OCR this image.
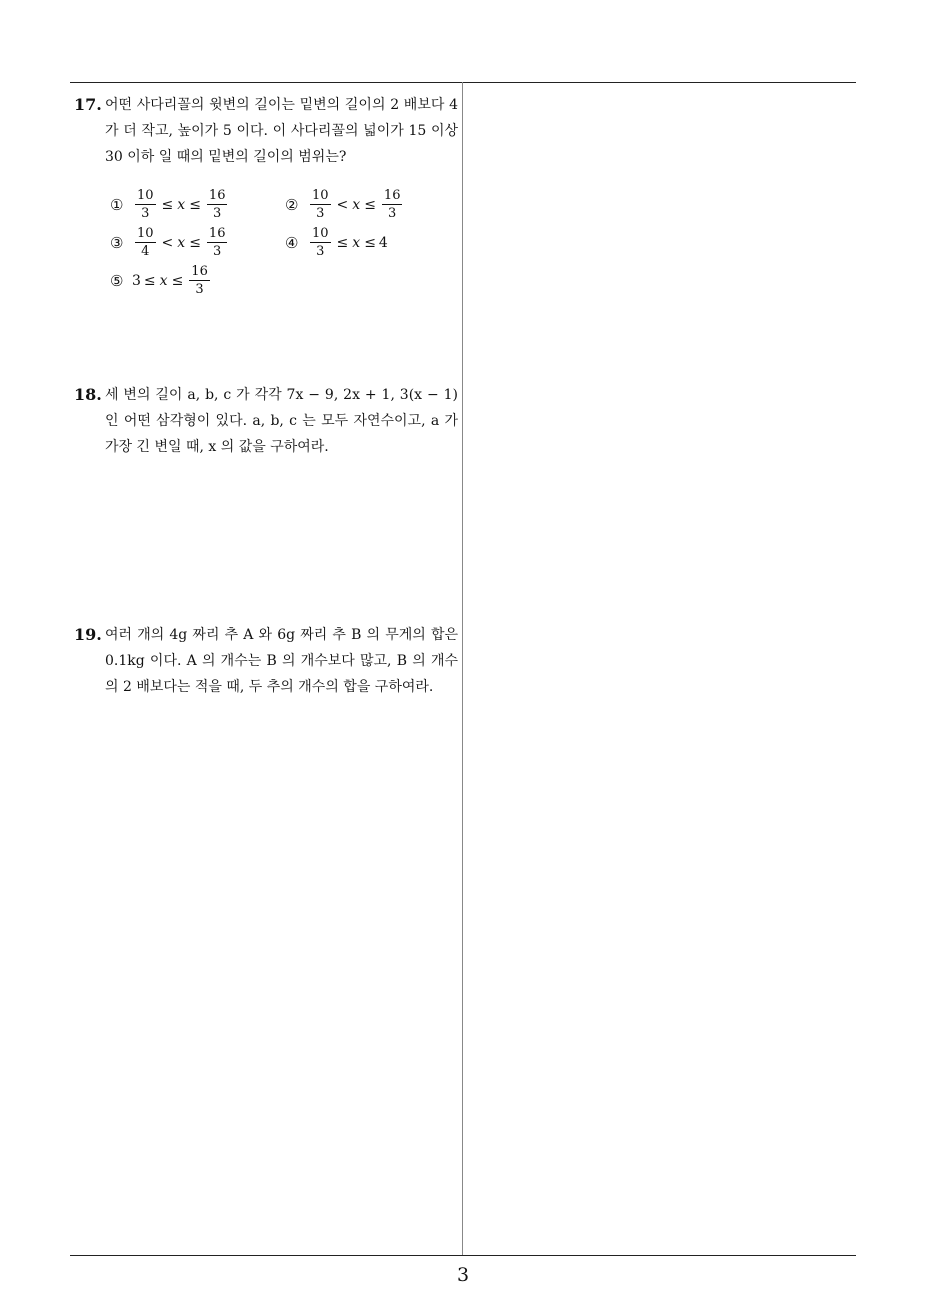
17. 어떤 사다리꼴의 윗변의 길이는 밑변의 길이의 2 배보다 4 가 더 작고, 높이가 5 이다. 이 사다리꼴의 넓이가 15 이상 30 이하 일 때의 밑변의 길이의 범위는?
① $\frac{10}{3} \le x \le \frac{16}{3}$	② $\frac{10}{3} < x \le \frac{16}{3}$
③ $\frac{10}{4} < x \le \frac{16}{3}$	④ $\frac{10}{3} \le x \le 4$
⑤ $3 \le x \le \frac{16}{3}$
18. 세 변의 길이 a, b, c 가 각각 7x − 9, 2x + 1, 3(x − 1) 인 어떤 삼각형이 있다. a, b, c 는 모두 자연수이고, a 가 가장 긴 변일 때, x 의 값을 구하여라.
19. 여러 개의 4g 짜리 추 A 와 6g 짜리 추 B 의 무게의 합은 0.1kg 이다. A 의 개수는 B 의 개수보다 많고, B 의 개수의 2 배보다는 적을 때, 두 추의 개수의 합을 구하여라.
3
